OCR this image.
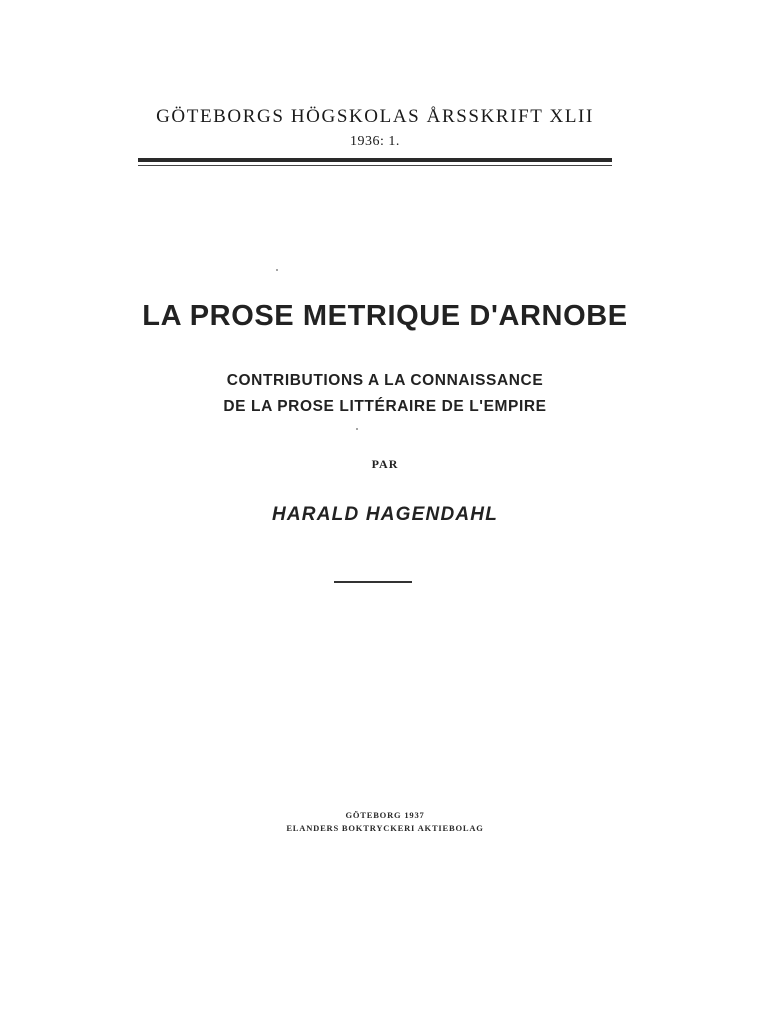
GÖTEBORGS HÖGSKOLAS ÅRSSKRIFT XLII
1936: 1.
LA PROSE METRIQUE D'ARNOBE
CONTRIBUTIONS A LA CONNAISSANCE
DE LA PROSE LITTÉRAIRE DE L'EMPIRE
PAR
HARALD HAGENDAHL
GÖTEBORG 1937
ELANDERS BOKTRYCKERI AKTIEBOLAG
